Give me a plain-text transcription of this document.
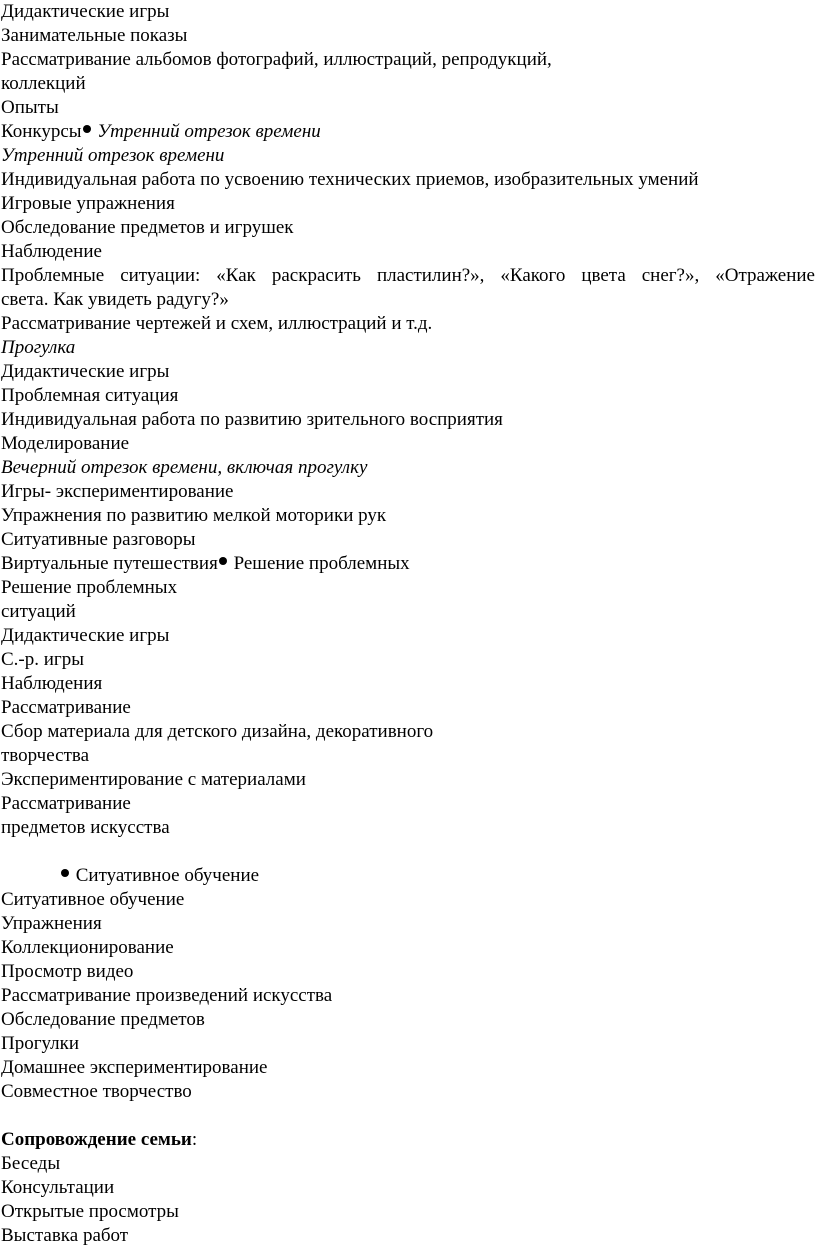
Дидактические игры
Занимательные показы
Рассматривание альбомов фотографий, иллюстраций, репродукций,
коллекций
Опыты
Конкурсы Утренний отрезок времени
Утренний отрезок времени
Индивидуальная работа по усвоению технических приемов, изобразительных умений
Игровые упражнения
Обследование предметов и игрушек
Наблюдение
Проблемные ситуации: «Как раскрасить пластилин?», «Какого цвета снег?», «Отражение
света. Как увидеть радугу?»
Рассматривание чертежей и схем, иллюстраций и т.д.
Прогулка
Дидактические игры
Проблемная ситуация
Индивидуальная работа по развитию зрительного восприятия
Моделирование
Вечерний отрезок времени, включая прогулку
Игры- экспериментирование
Упражнения по развитию мелкой моторики рук
Ситуативные разговоры
Виртуальные путешествия Решение проблемных
Решение проблемных
ситуаций
Дидактические игры
С.-р. игры
Наблюдения
Рассматривание
Сбор материала для детского дизайна, декоративного
творчества
Экспериментирование с материалами
Рассматривание
предметов искусства
Ситуативное обучение
Ситуативное обучение
Упражнения
Коллекционирование
Просмотр видео
Рассматривание произведений искусства
Обследование предметов
Прогулки
Домашнее экспериментирование
Совместное творчество
Сопровождение семьи:
Беседы
Консультации
Открытые просмотры
Выставка работ
